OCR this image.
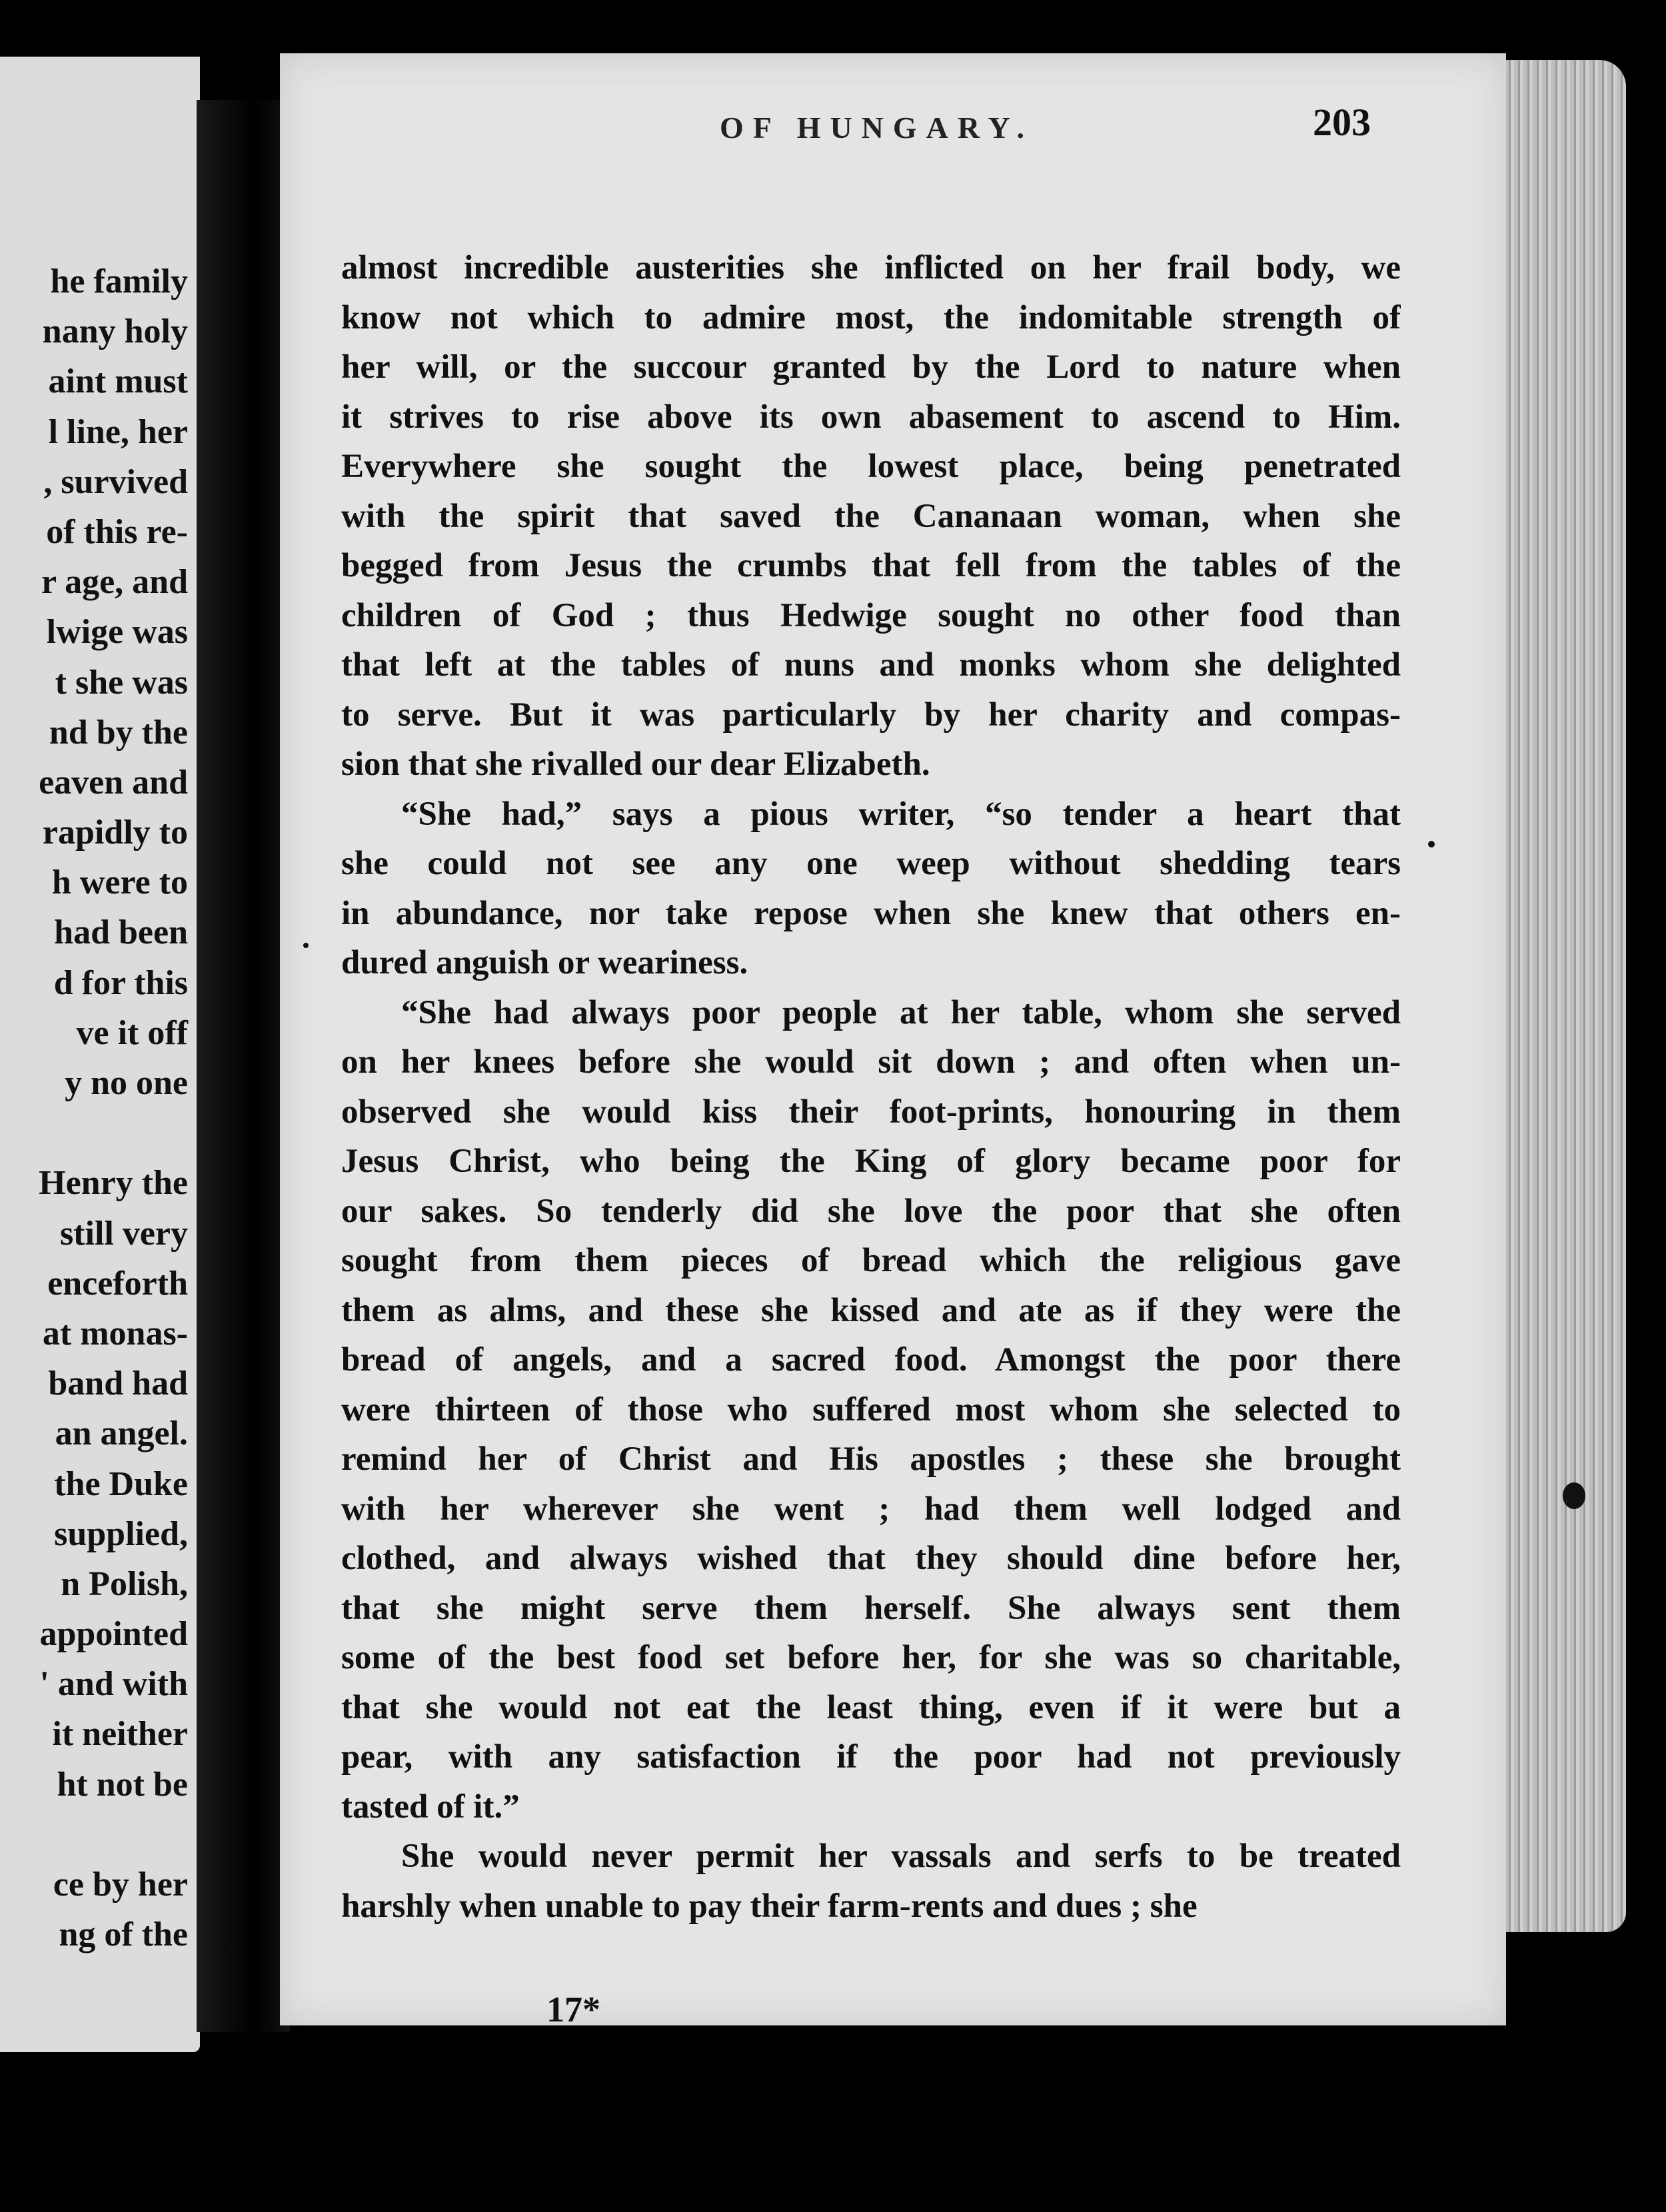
he family
nany holy
aint must
l line, her
, survived
of this re-
r age, and
lwige was
t she was
nd by the
eaven and
rapidly to
h were to
had been
d for this
ve it off
y no one
Henry the
still very
enceforth
at monas-
band had
an angel.
the Duke
supplied,
n Polish,
appointed
' and with
it neither
ht not be
ce by her
ng of the
OF HUNGARY.	203
almost incredible austerities she inflicted on her frail body, we
know not which to admire most, the indomitable strength of
her will, or the succour granted by the Lord to nature when
it strives to rise above its own abasement to ascend to Him.
Everywhere she sought the lowest place, being penetrated
with the spirit that saved the Cananaan woman, when she
begged from Jesus the crumbs that fell from the tables of the
children of God ; thus Hedwige sought no other food than
that left at the tables of nuns and monks whom she delighted
to serve. But it was particularly by her charity and compas-
sion that she rivalled our dear Elizabeth.
“She had,” says a pious writer, “so tender a heart that
she could not see any one weep without shedding tears
in abundance, nor take repose when she knew that others en-
dured anguish or weariness.
“She had always poor people at her table, whom she served
on her knees before she would sit down ; and often when un-
observed she would kiss their foot-prints, honouring in them
Jesus Christ, who being the King of glory became poor for
our sakes. So tenderly did she love the poor that she often
sought from them pieces of bread which the religious gave
them as alms, and these she kissed and ate as if they were the
bread of angels, and a sacred food. Amongst the poor there
were thirteen of those who suffered most whom she selected to
remind her of Christ and His apostles ; these she brought
with her wherever she went ; had them well lodged and
clothed, and always wished that they should dine before her,
that she might serve them herself. She always sent them
some of the best food set before her, for she was so charitable,
that she would not eat the least thing, even if it were but a
pear, with any satisfaction if the poor had not previously
tasted of it.”
She would never permit her vassals and serfs to be treated
harshly when unable to pay their farm-rents and dues ; she
17*
